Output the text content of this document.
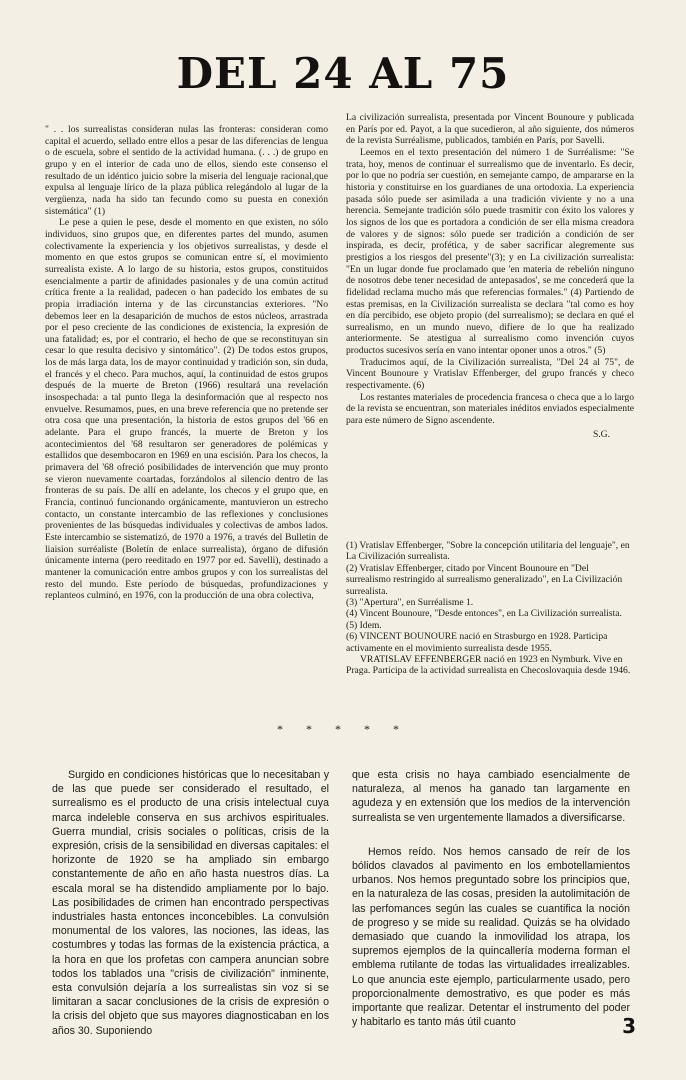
DEL 24 AL 75

" . . los surrealistas consideran nulas las fronteras: consideran como capital el acuerdo, sellado entre ellos a pesar de las diferencias de lengua o de escuela, sobre el sentido de la actividad humana. (. . .) de grupo en grupo y en el interior de cada uno de ellos, siendo este consenso el resultado de un idéntico juicio sobre la miseria del lenguaje racional,que expulsa al lenguaje lírico de la plaza pública relegándolo al lugar de la vergüenza, nada ha sido tan fecundo como su puesta en conexión sistemática" (1)

Le pese a quien le pese, desde el momento en que existen, no sólo individuos, sino grupos que, en diferentes partes del mundo, asumen colectivamente la experiencia y los objetivos surrealistas, y desde el momento en que estos grupos se comunican entre sí, el movimiento surrealista existe. A lo largo de su historia, estos grupos, constituidos esencialmente a partir de afinidades pasionales y de una común actitud crítica frente a la realidad, padecen o han padecido los embates de su propia irradiación interna y de las circunstancias exteriores. "No debemos leer en la desaparición de muchos de estos núcleos, arrastrada por el peso creciente de las condiciones de existencia, la expresión de una fatalidad; es, por el contrario, el hecho de que se reconstituyan sin cesar lo que resulta decisivo y sintomático". (2) De todos estos grupos, los de más larga data, los de mayor continuidad y tradición son, sin duda, el francés y el checo. Para muchos, aquí, la continuidad de estos grupos después de la muerte de Breton (1966) resultará una revelación insospechada: a tal punto llega la desinformación que al respecto nos envuelve. Resumamos, pues, en una breve referencia que no pretende ser otra cosa que una presentación, la historia de estos grupos del '66 en adelante. Para el grupo francés, la muerte de Breton y los acontecimientos del '68 resultaron ser generadores de polémicas y estallidos que desembocaron en 1969 en una escisión. Para los checos, la primavera del '68 ofreció posibilidades de intervención que muy pronto se vieron nuevamente coartadas, forzándolos al silencio dentro de las fronteras de su país. De allí en adelante, los checos y el grupo que, en Francia, continuó funcionando orgánicamente, mantuvieron un estrecho contacto, un constante intercambio de las reflexiones y conclusiones provenientes de las búsquedas individuales y colectivas de ambos lados. Este intercambio se sistematizó, de 1970 a 1976, a través del Bulletin de liaision surréaliste (Boletín de enlace surrealista), órgano de difusión únicamente interna (pero reeditado en 1977 por ed. Savelli), destinado a mantener la comunicación entre ambos grupos y con los surrealistas del resto del mundo. Este período de búsquedas, profundizaciones y replanteos culminó, en 1976, con la producción de una obra colectiva,

La civilización surrealista, presentada por Vincent Bounoure y publicada en París por ed. Payot, a la que sucedieron, al año siguiente, dos números de la revista Surréalisme, publicados, también en París, por Savelli.

Leemos en el texto presentación del número 1 de Surréalisme: "Se trata, hoy, menos de continuar el surrealismo que de inventarlo. Es decir, por lo que no podría ser cuestión, en semejante campo, de ampararse en la historia y constituirse en los guardianes de una ortodoxia. La experiencia pasada sólo puede ser asimilada a una tradición viviente y no a una herencia. Semejante tradición sólo puede trasmitir con éxito los valores y los signos de los que es portadora a condición de ser ella misma creadora de valores y de signos: sólo puede ser tradición a condición de ser inspirada, es decir, profética, y de saber sacrificar alegremente sus prestigios a los riesgos del presente"(3); y en La civilización surrealista: "En un lugar donde fue proclamado que 'en materia de rebelión ninguno de nosotros debe tener necesidad de antepasados', se me concederá que la fidelidad reclama mucho más que referencias formales." (4) Partiendo de estas premisas, en la Civilización surrealista se declara "tal como es hoy en día percibido, ese objeto propio (del surrealismo); se declara en qué el surrealismo, en un mundo nuevo, difiere de lo que ha realizado anteriormente. Se atestigua al surrealismo como invención cuyos productos sucesivos sería en vano intentar oponer unos a otros." (5)

Traducimos aquí, de la Civilización surrealista, "Del 24 al 75", de Vincent Bounoure y Vratislav Effenberger, del grupo francés y checo respectivamente. (6)

Los restantes materiales de procedencia francesa o checa que a lo largo de la revista se encuentran, son materiales inéditos enviados especialmente para este número de Signo ascendente.

S.G.

(1) Vratislav Effenberger, "Sobre la concepción utilitaria del lenguaje", en La Civilización surrealista.
(2) Vratislav Effenberger, citado por Vincent Bounoure en "Del surrealismo restringido al surrealismo generalizado", en La Civilización surrealista.
(3) "Apertura", en Surréalisme 1.
(4) Vincent Bounoure, "Desde entonces", en La Civilización surrealista.
(5) Idem.
(6) VINCENT BOUNOURE nació en Strasburgo en 1928. Participa activamente en el movimiento surrealista desde 1955.
VRATISLAV EFFENBERGER nació en 1923 en Nymburk. Vive en Praga. Participa de la actividad surrealista en Checoslovaquia desde 1946.
* * * * *

Surgido en condiciones históricas que lo necesitaban y de las que puede ser considerado el resultado, el surrealismo es el producto de una crisis intelectual cuya marca indeleble conserva en sus archivos espirituales. Guerra mundial, crisis sociales o políticas, crisis de la expresión, crisis de la sensibilidad en diversas capitales: el horizonte de 1920 se ha ampliado sin embargo constantemente de año en año hasta nuestros días. La escala moral se ha distendido ampliamente por lo bajo. Las posibilidades de crimen han encontrado perspectivas industriales hasta entonces inconcebibles. La convulsión monumental de los valores, las nociones, las ideas, las costumbres y todas las formas de la existencia práctica, a la hora en que los profetas con campera anuncian sobre todos los tablados una "crisis de civilización" inminente, esta convulsión dejaría a los surrealistas sin voz si se limitaran a sacar conclusiones de la crisis de expresión o la crisis del objeto que sus mayores diagnosticaban en los años 30. Suponiendo

que esta crisis no haya cambiado esencialmente de naturaleza, al menos ha ganado tan largamente en agudeza y en extensión que los medios de la intervención surrealista se ven urgentemente llamados a diversificarse.

Hemos reído. Nos hemos cansado de reír de los bólidos clavados al pavimento en los embotellamientos urbanos. Nos hemos preguntado sobre los principios que, en la naturaleza de las cosas, presiden la autolimitación de las perfomances según las cuales se cuantifica la noción de progreso y se mide su realidad. Quizás se ha olvidado demasiado que cuando la inmovilidad los atrapa, los supremos ejemplos de la quincallería moderna forman el emblema rutilante de todas las virtualidades irrealizables. Lo que anuncia este ejemplo, particularmente usado, pero proporcionalmente demostrativo, es que poder es más importante que realizar. Detentar el instrumento del poder y habitarlo es tanto más útil cuanto	3
